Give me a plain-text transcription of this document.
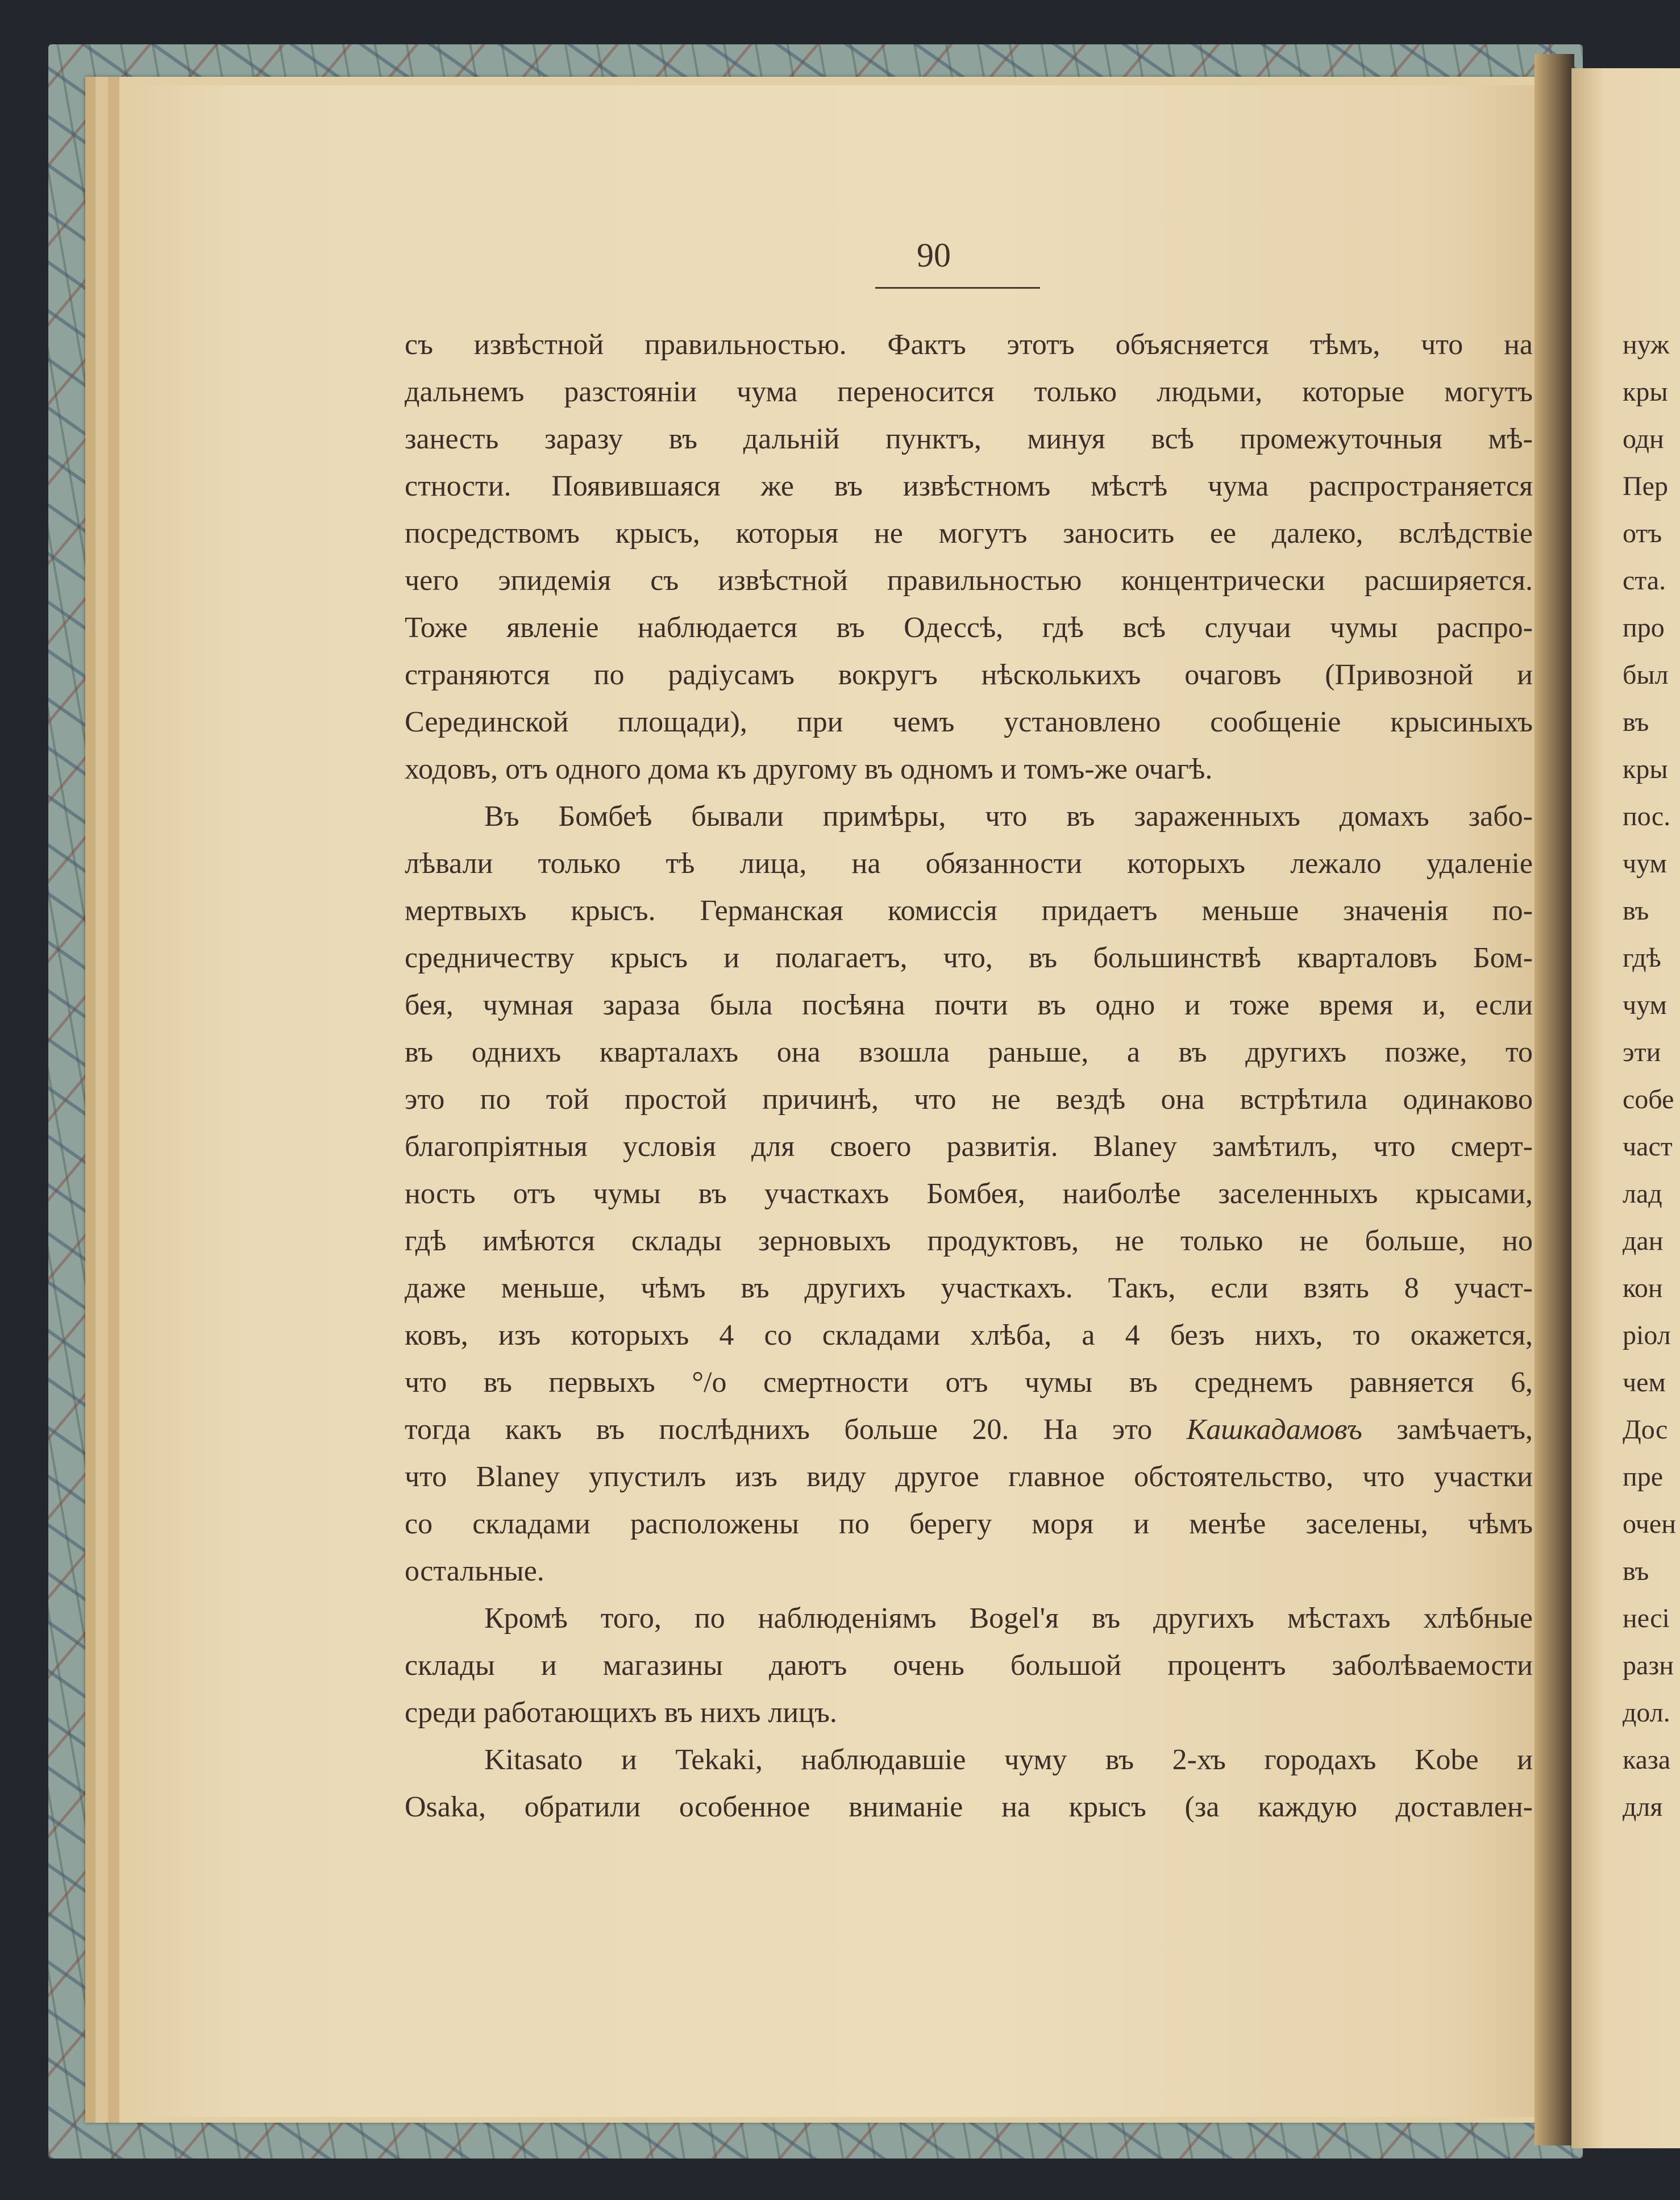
90
съ извѣстной правильностью. Фактъ этотъ объясняется тѣмъ, что на
дальнемъ разстояніи чума переносится только людьми, которые могутъ
занесть заразу въ дальній пунктъ, минуя всѣ промежуточныя мѣ-
стности. Появившаяся же въ извѣстномъ мѣстѣ чума распространяется
посредствомъ крысъ, которыя не могутъ заносить ее далеко, вслѣдствіе
чего эпидемія съ извѣстной правильностью концентрически расширяется.
Тоже явленіе наблюдается въ Одессѣ, гдѣ всѣ случаи чумы распро-
страняются по радіусамъ вокругъ нѣсколькихъ очаговъ (Привозной и
Серединской площади), при чемъ установлено сообщеніе крысиныхъ
ходовъ, отъ одного дома къ другому въ одномъ и томъ-же очагѣ.
Въ Бомбеѣ бывали примѣры, что въ зараженныхъ домахъ забо-
лѣвали только тѣ лица, на обязанности которыхъ лежало удаленіе
мертвыхъ крысъ. Германская комиссія придаетъ меньше значенія по-
средничеству крысъ и полагаетъ, что, въ большинствѣ кварталовъ Бом-
бея, чумная зараза была посѣяна почти въ одно и тоже время и, если
въ однихъ кварталахъ она взошла раньше, а въ другихъ позже, то
это по той простой причинѣ, что не вездѣ она встрѣтила одинаково
благопріятныя условія для своего развитія. Blaney замѣтилъ, что смерт-
ность отъ чумы въ участкахъ Бомбея, наиболѣе заселенныхъ крысами,
гдѣ имѣются склады зерновыхъ продуктовъ, не только не больше, но
даже меньше, чѣмъ въ другихъ участкахъ. Такъ, если взять 8 участ-
ковъ, изъ которыхъ 4 со складами хлѣба, а 4 безъ нихъ, то окажется,
что въ первыхъ °/o смертности отъ чумы въ среднемъ равняется 6,
тогда какъ въ послѣднихъ больше 20. На это Кашкадамовъ замѣчаетъ,
что Blaney упустилъ изъ виду другое главное обстоятельство, что участки
со складами расположены по берегу моря и менѣе заселены, чѣмъ
остальные.
Кромѣ того, по наблюденіямъ Bogel'я въ другихъ мѣстахъ хлѣбные
склады и магазины даютъ очень большой процентъ заболѣваемости
среди работающихъ въ нихъ лицъ.
Kitasato и Tekaki, наблюдавшіе чуму въ 2-хъ городахъ Kobe и
Osaka, обратили особенное вниманіе на крысъ (за каждую доставлен-
нуж
кры
одн
Пер
отъ
ста.
про
был
въ
кры
пос.
чум
въ
гдѣ
чум
эти
собе
част
лад
дан
кон
ріол
чем
Дос
пре
очен
въ
несі
разн
дол.
каза
для
